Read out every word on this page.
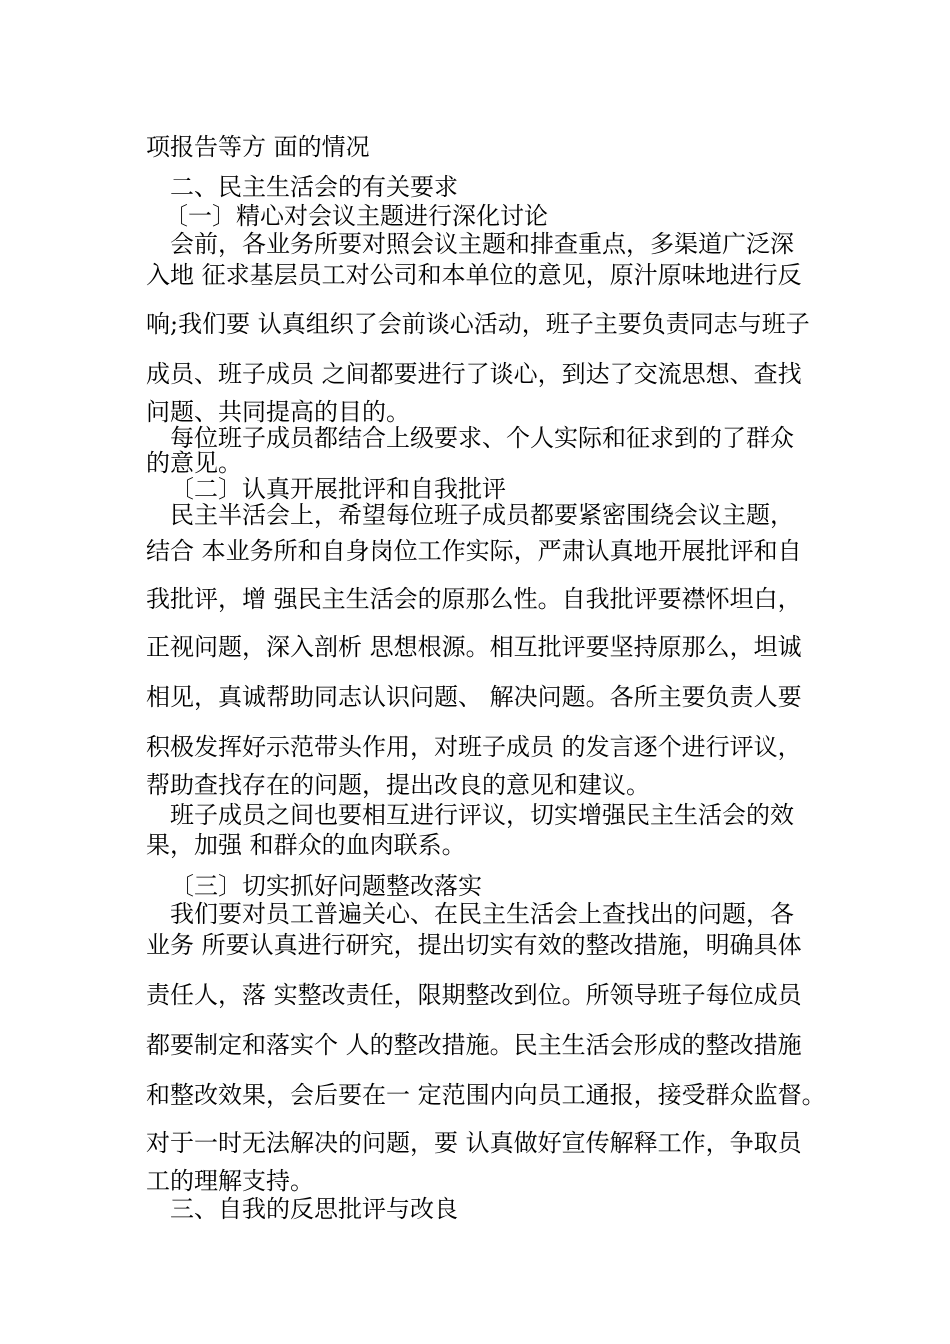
项报告等方 面的情况
二、民主生活会的有关要求
〔一〕精心对会议主题进行深化讨论
会前，各业务所要对照会议主题和排查重点，多渠道广泛深
入地 征求基层员工对公司和本单位的意见，原汁原味地进行反
响;我们要 认真组织了会前谈心活动，班子主要负责同志与班子
成员、班子成员 之间都要进行了谈心，到达了交流思想、查找
问题、共同提高的目的。
每位班子成员都结合上级要求、个人实际和征求到的了群众
的意见。
〔二〕认真开展批评和自我批评
民主半活会上，希望每位班子成员都要紧密围绕会议主题，
结合 本业务所和自身岗位工作实际，严肃认真地开展批评和自
我批评，增 强民主生活会的原那么性。自我批评要襟怀坦白，
正视问题，深入剖析 思想根源。相互批评要坚持原那么，坦诚
相见，真诚帮助同志认识问题、 解决问题。各所主要负责人要
积极发挥好示范带头作用，对班子成员 的发言逐个进行评议，
帮助查找存在的问题，提出改良的意见和建议。
班子成员之间也要相互进行评议，切实增强民主生活会的效
果，加强 和群众的血肉联系。
〔三〕切实抓好问题整改落实
我们要对员工普遍关心、在民主生活会上查找出的问题，各
业务 所要认真进行研究，提出切实有效的整改措施，明确具体
责任人，落 实整改责任，限期整改到位。所领导班子每位成员
都要制定和落实个 人的整改措施。民主生活会形成的整改措施
和整改效果，会后要在一 定范围内向员工通报，接受群众监督。
对于一时无法解决的问题，要 认真做好宣传解释工作，争取员
工的理解支持。
三、自我的反思批评与改良
